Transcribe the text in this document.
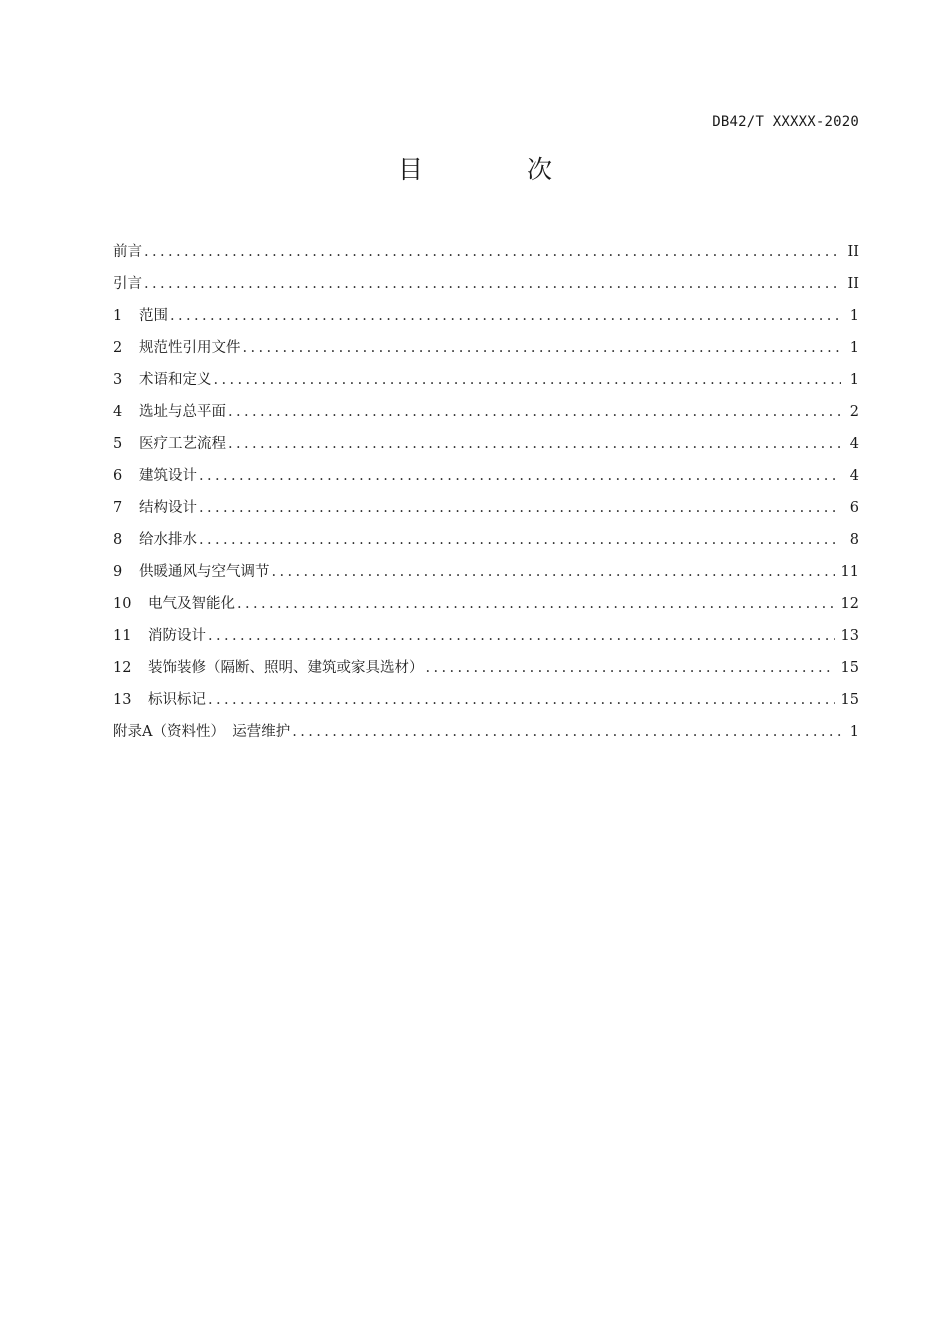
DB42/T XXXXX-2020
目 次
前言 .....	II
引言 .....	II
1	范围 .....	1
2	规范性引用文件 .....	1
3	术语和定义 .....	1
4	选址与总平面 .....	2
5	医疗工艺流程 .....	4
6	建筑设计 .....	4
7	结构设计 .....	6
8	给水排水 .....	8
9	供暖通风与空气调节 .....	11
10	电气及智能化 .....	12
11	消防设计 .....	13
12	装饰装修（隔断、照明、建筑或家具选材） .....	15
13	标识标记 .....	15
附录A（资料性）　运营维护 .....	1
